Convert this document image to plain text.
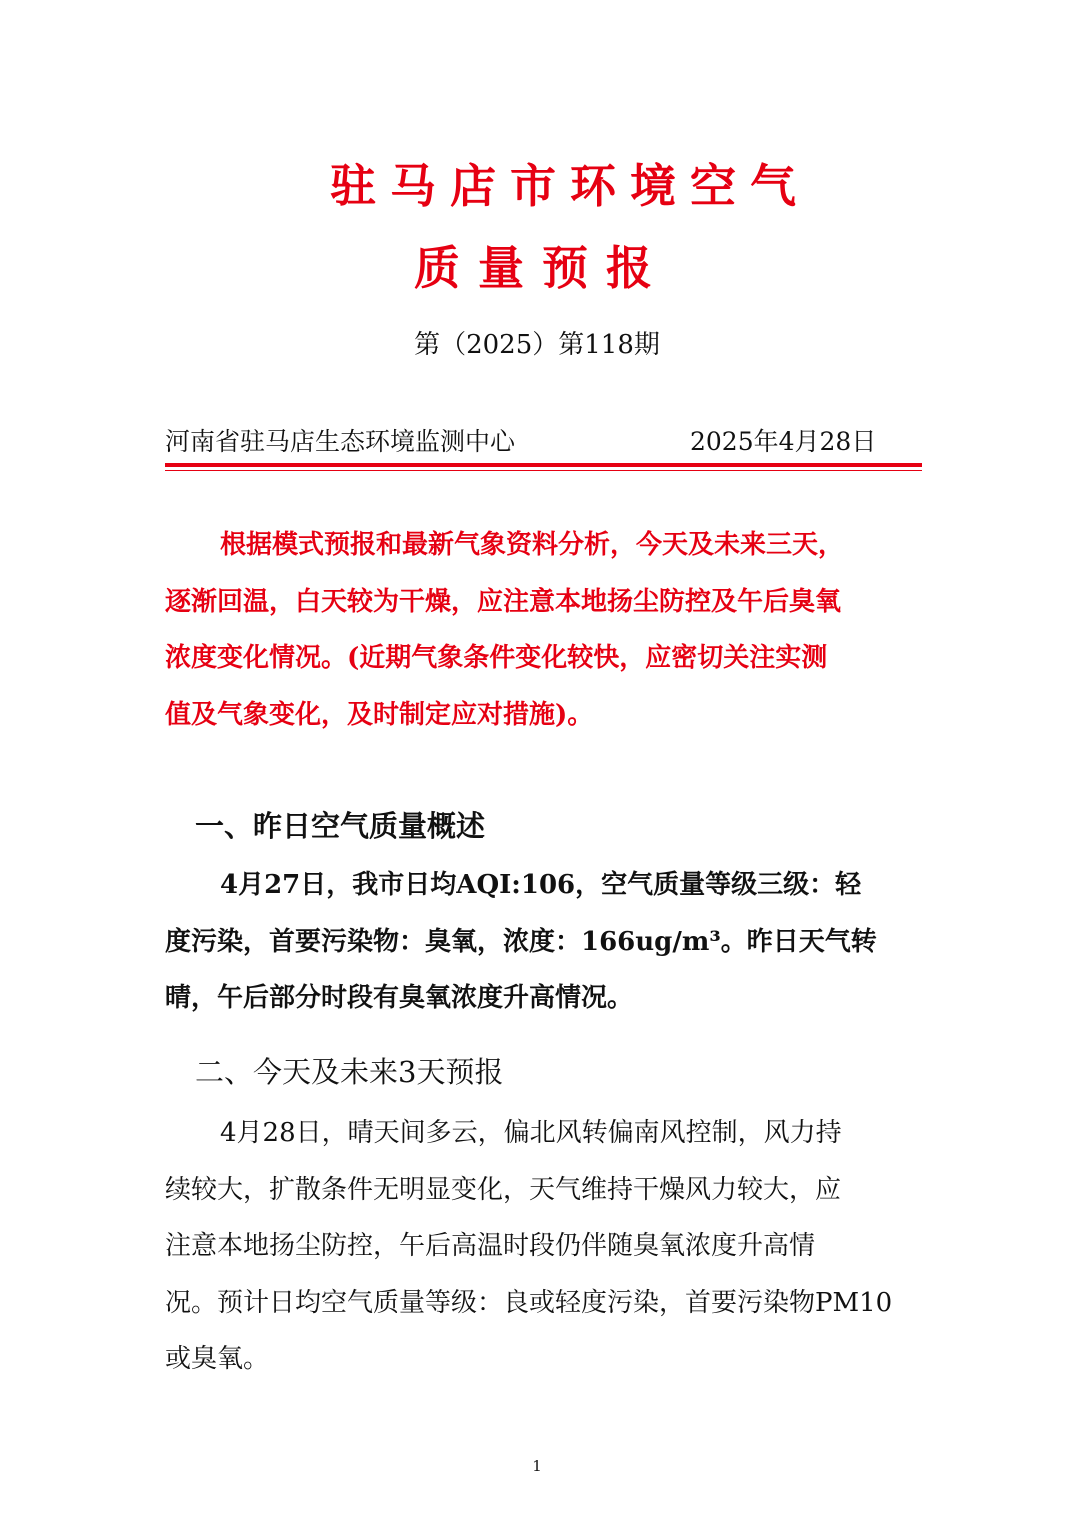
驻马店市环境空气
质量预报
第（2025）第118期
河南省驻马店生态环境监测中心	2025年4月28日
根据模式预报和最新气象资料分析，今天及未来三天，
逐渐回温，白天较为干燥，应注意本地扬尘防控及午后臭氧
浓度变化情况。(近期气象条件变化较快，应密切关注实测
值及气象变化，及时制定应对措施)。
一、昨日空气质量概述
4月27日，我市日均AQI:106，空气质量等级三级：轻
度污染，首要污染物：臭氧，浓度：166ug/m³。昨日天气转
晴，午后部分时段有臭氧浓度升高情况。
二、今天及未来3天预报
4月28日，晴天间多云，偏北风转偏南风控制，风力持
续较大，扩散条件无明显变化，天气维持干燥风力较大，应
注意本地扬尘防控，午后高温时段仍伴随臭氧浓度升高情
况。预计日均空气质量等级：良或轻度污染，首要污染物PM10
或臭氧。
1
